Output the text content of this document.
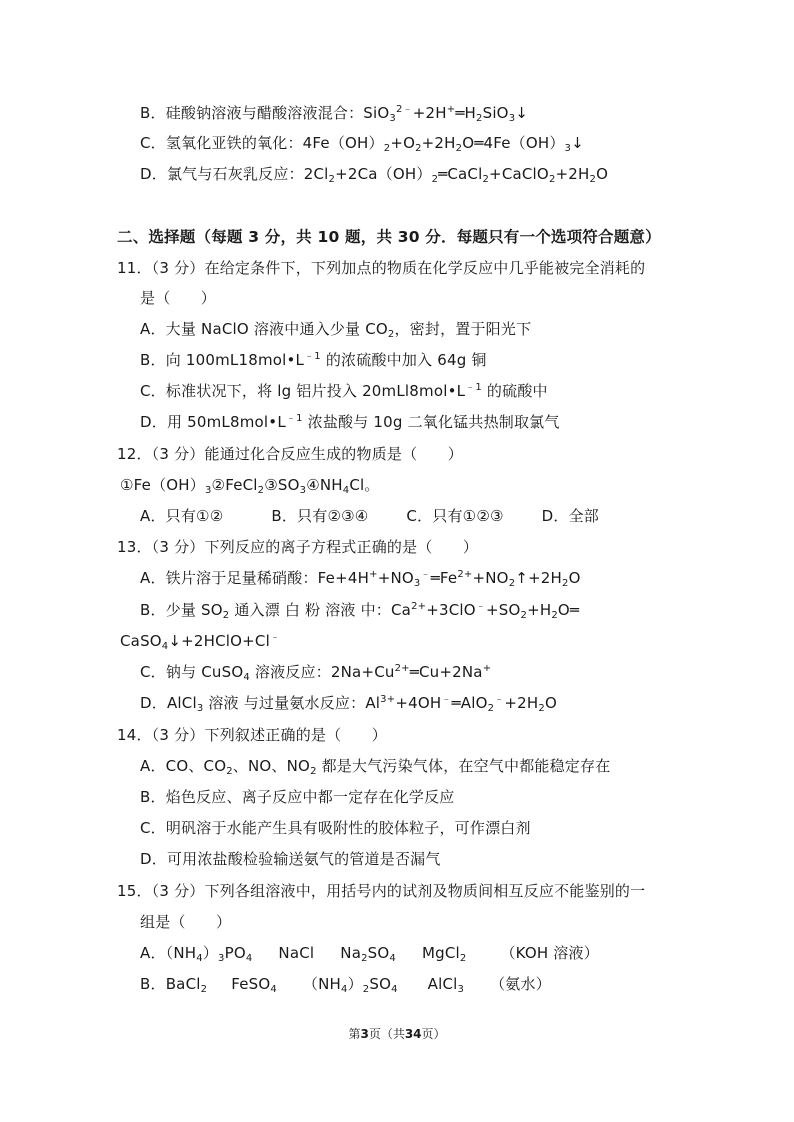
B．硅酸钠溶液与醋酸溶液混合：$SiO_3^{2﹣}+2H^+═H_2SiO_3↓$
C．氢氧化亚铁的氧化：$4Fe(OH)_2+O_2+2H_2O═4Fe(OH)_3↓$
D．氯气与石灰乳反应：$2Cl_2+2Ca(OH)_2═CaCl_2+CaClO_2+2H_2O$
二、选择题（每题 3 分，共 10 题，共 30 分．每题只有一个选项符合题意）
11．（3 分）在给定条件下，下列加点的物质在化学反应中几乎能被完全消耗的
是（　　）
A．大量 NaClO 溶液中通入少量 $CO_2$，密封，置于阳光下
B．向 $100mL18mol•L^{﹣1}$ 的浓硫酸中加入 64g 铜
C．标准状况下，将 lg 铝片投入 $20mLl8mol•L^{﹣1}$ 的硫酸中
D．用 $50mL8mol•L^{﹣1}$ 浓盐酸与 10g 二氧化锰共热制取氯气
12．（3 分）能通过化合反应生成的物质是（　　）
$①Fe(OH)_3②FeCl_2③SO_3④NH_4Cl$。
A．只有①②	B．只有②③④	C．只有①②③	D．全部
13．（3 分）下列反应的离子方程式正确的是（　　）
A．铁片溶于足量稀硝酸：$Fe+4H^++NO_3^﹣═Fe^{2+}+NO_2↑+2H_2O$
B．少量 $SO_2$ 通入漂 白 粉 溶液 中：$Ca^{2+}+3ClO^﹣+SO_2+H_2O═$
CaSO$_4$↓+2HClO+Cl﹣
C．钠与 CuSO$_4$ 溶液反应：$2Na+Cu^{2+}═Cu+2Na^+$
D．AlCl$_3$ 溶液 与过量氨水反应：$Al^{3+}+4OH^﹣═AlO_2^﹣+2H_2O$
14．（3 分）下列叙述正确的是（　　）
A．CO、$CO_2$、NO、$NO_2$ 都是大气污染气体，在空气中都能稳定存在
B．焰色反应、离子反应中都一定存在化学反应
C．明矾溶于水能产生具有吸附性的胶体粒子，可作漂白剂
D．可用浓盐酸检验输送氨气的管道是否漏气
15．（3 分）下列各组溶液中，用括号内的试剂及物质间相互反应不能鉴别的一
组是（　　）
A．$(NH_4)_3PO_4$ NaCl $Na_2SO_4$ MgCl$_2$ （KOH 溶液）
B．BaCl$_2$ FeSO$_4$ $(NH_4)_2SO_4$ AlCl$_3$ （氨水）
第3页（共34页）
